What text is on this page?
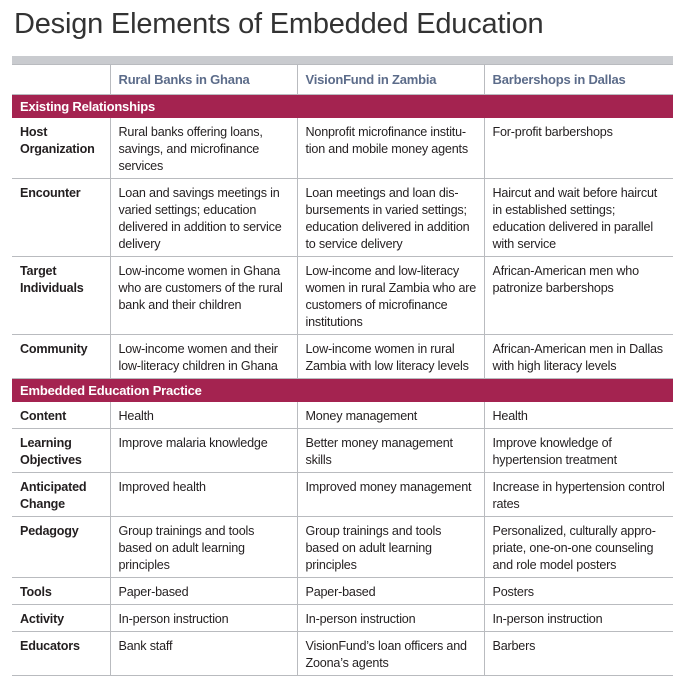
Design Elements of Embedded Education
	Rural Banks in Ghana	VisionFund in Zambia	Barbershops in Dallas
Existing Relationships			
Host Organization	Rural banks offering loans, savings, and microfinance services	Nonprofit microfinance institution and mobile money agents	For-profit barbershops
Encounter	Loan and savings meetings in varied settings; education delivered in addition to service delivery	Loan meetings and loan disbursements in varied settings; education delivered in addition to service delivery	Haircut and wait before haircut in established settings; education delivered in parallel with service
Target Individuals	Low-income women in Ghana who are customers of the rural bank and their children	Low-income and low-literacy women in rural Zambia who are customers of microfinance institutions	African-American men who patronize barbershops
Community	Low-income women and their low-literacy children in Ghana	Low-income women in rural Zambia with low literacy levels	African-American men in Dallas with high literacy levels
Embedded Education Practice			
Content	Health	Money management	Health
Learning Objectives	Improve malaria knowledge	Better money management skills	Improve knowledge of hypertension treatment
Anticipated Change	Improved health	Improved money management	Increase in hypertension control rates
Pedagogy	Group trainings and tools based on adult learning principles	Group trainings and tools based on adult learning principles	Personalized, culturally appropriate, one-on-one counseling and role model posters
Tools	Paper-based	Paper-based	Posters
Activity	In-person instruction	In-person instruction	In-person instruction
Educators	Bank staff	VisionFund’s loan officers and Zoona’s agents	Barbers
